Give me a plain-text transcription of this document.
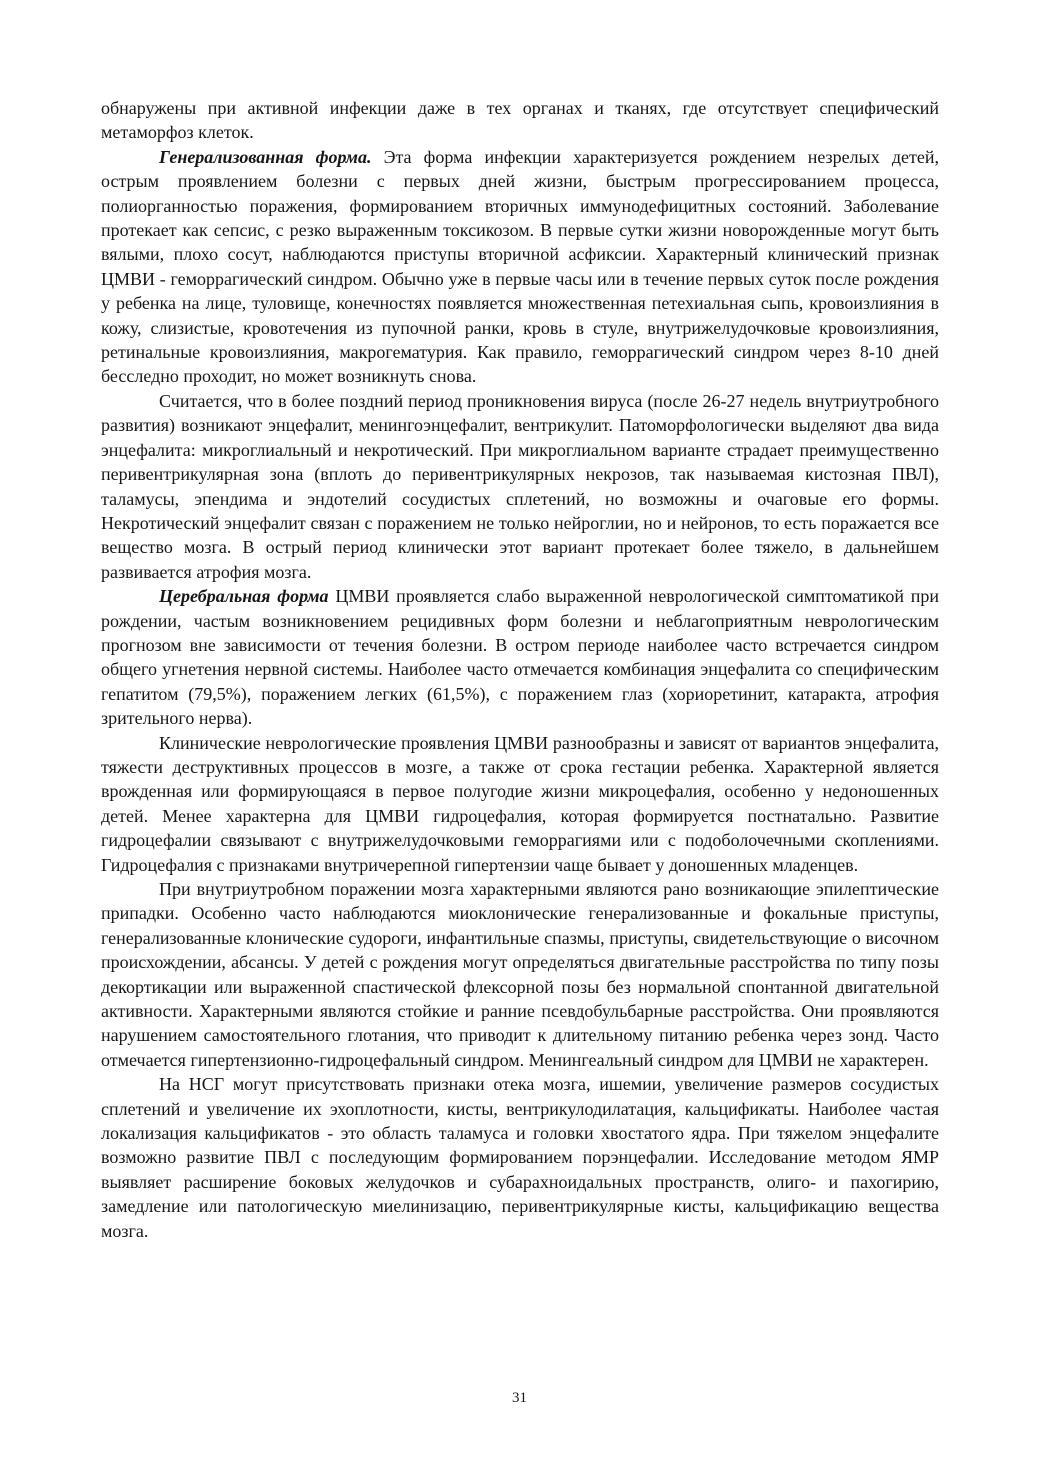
обнаружены при активной инфекции даже в тех органах и тканях, где отсутствует специфический метаморфоз клеток.

Генерализованная форма. Эта форма инфекции характеризуется рождением незрелых детей, острым проявлением болезни с первых дней жизни, быстрым прогрессированием процесса, полиорганностью поражения, формированием вторичных иммунодефицитных состояний. Заболевание протекает как сепсис, с резко выраженным токсикозом. В первые сутки жизни новорожденные могут быть вялыми, плохо сосут, наблюдаются приступы вторичной асфиксии. Характерный клинический признак ЦМВИ - геморрагический синдром. Обычно уже в первые часы или в течение первых суток после рождения у ребенка на лице, туловище, конечностях появляется множественная петехиальная сыпь, кровоизлияния в кожу, слизистые, кровотечения из пупочной ранки, кровь в стуле, внутрижелудочковые кровоизлияния, ретинальные кровоизлияния, макрогематурия. Как правило, геморрагический синдром через 8-10 дней бесследно проходит, но может возникнуть снова.

Считается, что в более поздний период проникновения вируса (после 26-27 недель внутриутробного развития) возникают энцефалит, менингоэнцефалит, вентрикулит. Патоморфологически выделяют два вида энцефалита: микроглиальный и некротический. При микроглиальном варианте страдает преимущественно перивентрикулярная зона (вплоть до перивентрикулярных некрозов, так называемая кистозная ПВЛ), таламусы, эпендима и эндотелий сосудистых сплетений, но возможны и очаговые его формы. Некротический энцефалит связан с поражением не только нейроглии, но и нейронов, то есть поражается все вещество мозга. В острый период клинически этот вариант протекает более тяжело, в дальнейшем развивается атрофия мозга.

Церебральная форма ЦМВИ проявляется слабо выраженной неврологической симптоматикой при рождении, частым возникновением рецидивных форм болезни и неблагоприятным неврологическим прогнозом вне зависимости от течения болезни. В остром периоде наиболее часто встречается синдром общего угнетения нервной системы. Наиболее часто отмечается комбинация энцефалита со специфическим гепатитом (79,5%), поражением легких (61,5%), с поражением глаз (хориоретинит, катаракта, атрофия зрительного нерва).

Клинические неврологические проявления ЦМВИ разнообразны и зависят от вариантов энцефалита, тяжести деструктивных процессов в мозге, а также от срока гестации ребенка. Характерной является врожденная или формирующаяся в первое полугодие жизни микроцефалия, особенно у недоношенных детей. Менее характерна для ЦМВИ гидроцефалия, которая формируется постнатально. Развитие гидроцефалии связывают с внутрижелудочковыми геморрагиями или с подоболочечными скоплениями. Гидроцефалия с признаками внутричерепной гипертензии чаще бывает у доношенных младенцев.

При внутриутробном поражении мозга характерными являются рано возникающие эпилептические припадки. Особенно часто наблюдаются миоклонические генерализованные и фокальные приступы, генерализованные клонические судороги, инфантильные спазмы, приступы, свидетельствующие о височном происхождении, абсансы. У детей с рождения могут определяться двигательные расстройства по типу позы декортикации или выраженной спастической флексорной позы без нормальной спонтанной двигательной активности. Характерными являются стойкие и ранние псевдобульбарные расстройства. Они проявляются нарушением самостоятельного глотания, что приводит к длительному питанию ребенка через зонд. Часто отмечается гипертензионно-гидроцефальный синдром. Менингеальный синдром для ЦМВИ не характерен.

На НСГ могут присутствовать признаки отека мозга, ишемии, увеличение размеров сосудистых сплетений и увеличение их эхоплотности, кисты, вентрикулодилатация, кальцификаты. Наиболее частая локализация кальцификатов - это область таламуса и головки хвостатого ядра. При тяжелом энцефалите возможно развитие ПВЛ с последующим формированием порэнцефалии. Исследование методом ЯМР выявляет расширение боковых желудочков и субарахноидальных пространств, олиго- и пахогирию, замедление или патологическую миелинизацию, перивентрикулярные кисты, кальцификацию вещества мозга.

31
